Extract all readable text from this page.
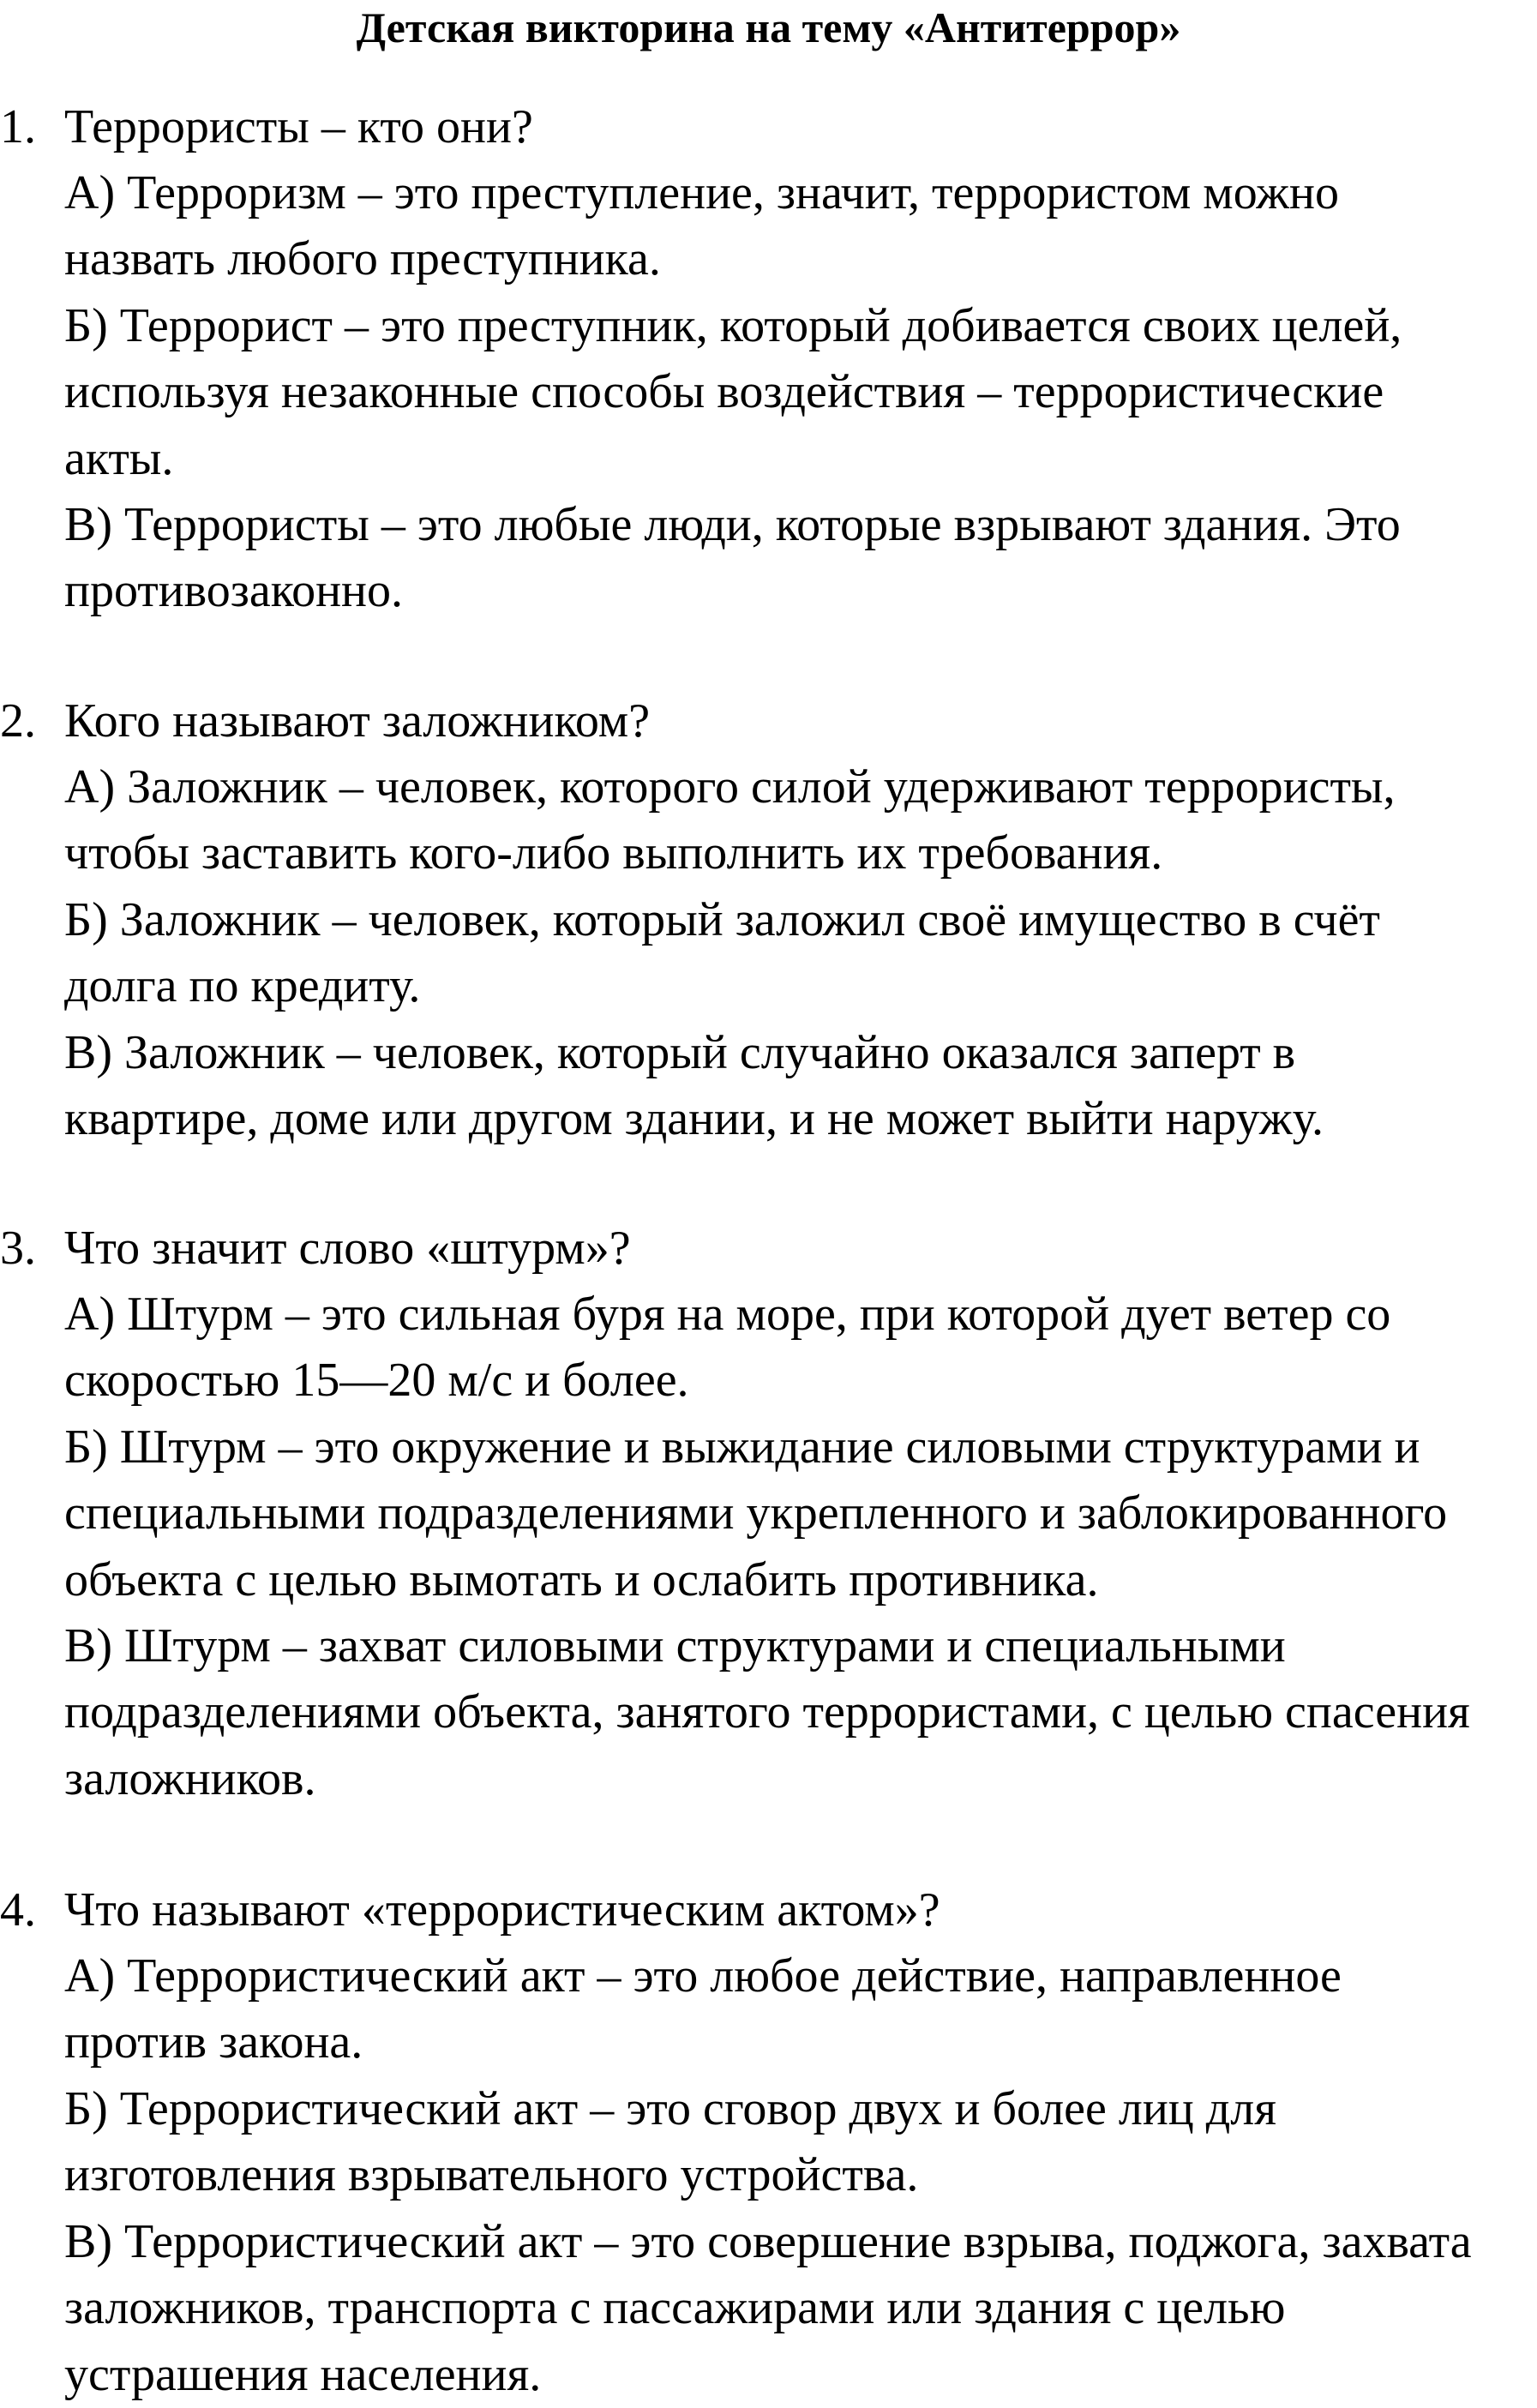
Детская викторина на тему «Антитеррор»
1. Террористы – кто они?
А) Терроризм – это преступление, значит, террористом можно
назвать любого преступника.
Б) Террорист – это преступник, который добивается своих целей,
используя незаконные способы воздействия – террористические
акты.
В) Террористы – это любые люди, которые взрывают здания. Это
противозаконно.
2. Кого называют заложником?
А) Заложник – человек, которого силой удерживают террористы,
чтобы заставить кого-либо выполнить их требования.
Б) Заложник – человек, который заложил своё имущество в счёт
долга по кредиту.
В) Заложник – человек, который случайно оказался заперт в
квартире, доме или другом здании, и не может выйти наружу.
3. Что значит слово «штурм»?
А) Штурм – это сильная буря на море, при которой дует ветер со
скоростью 15—20 м/с и более.
Б) Штурм – это окружение и выжидание силовыми структурами и
специальными подразделениями укрепленного и заблокированного
объекта с целью вымотать и ослабить противника.
В) Штурм – захват силовыми структурами и специальными
подразделениями объекта, занятого террористами, с целью спасения
заложников.
4. Что называют «террористическим актом»?
А) Террористический акт – это любое действие, направленное
против закона.
Б) Террористический акт – это сговор двух и более лиц для
изготовления взрывательного устройства.
В) Террористический акт – это совершение взрыва, поджога, захвата
заложников, транспорта с пассажирами или здания с целью
устрашения населения.
